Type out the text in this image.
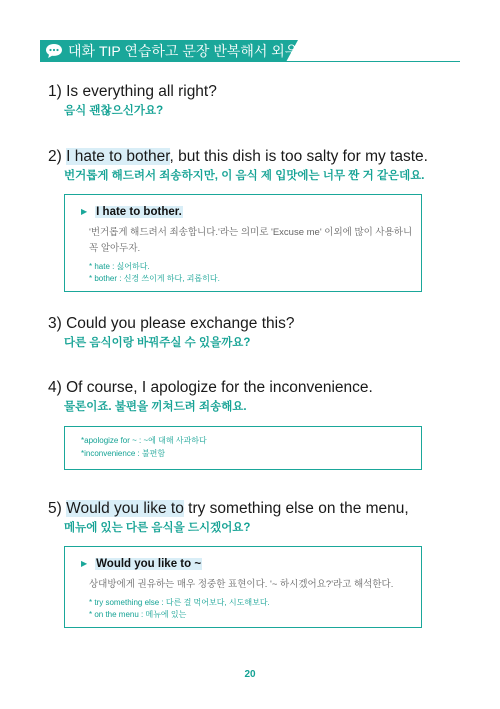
대화 TIP 연습하고 문장 반복해서 외우기
1) Is everything all right?
음식 괜찮으신가요?
2) I hate to bother, but this dish is too salty for my taste.
번거롭게 해드려서 죄송하지만, 이 음식 제 입맛에는 너무 짠 거 같은데요.
▶ I hate to bother.
'번거롭게 해드려서 죄송합니다.'라는 의미로 'Excuse me' 이외에 많이 사용하니 꼭 알아두자.
* hate : 싫어하다.
* bother : 신경 쓰이게 하다, 괴롭히다.
3) Could you please exchange this?
다른 음식이랑 바꿔주실 수 있을까요?
4) Of course, I apologize for the inconvenience.
물론이죠. 불편을 끼쳐드려 죄송해요.
*apologize for ~ : ~에 대해 사과하다
*inconvenience : 불편함
5) Would you like to try something else on the menu,
메뉴에 있는 다른 음식을 드시겠어요?
▶ Would you like to ~
상대방에게 권유하는 매우 정중한 표현이다. '~ 하시겠어요?'라고 해석한다.
* try something else : 다른 걸 먹어보다, 시도해보다.
* on the menu : 메뉴에 있는
20
